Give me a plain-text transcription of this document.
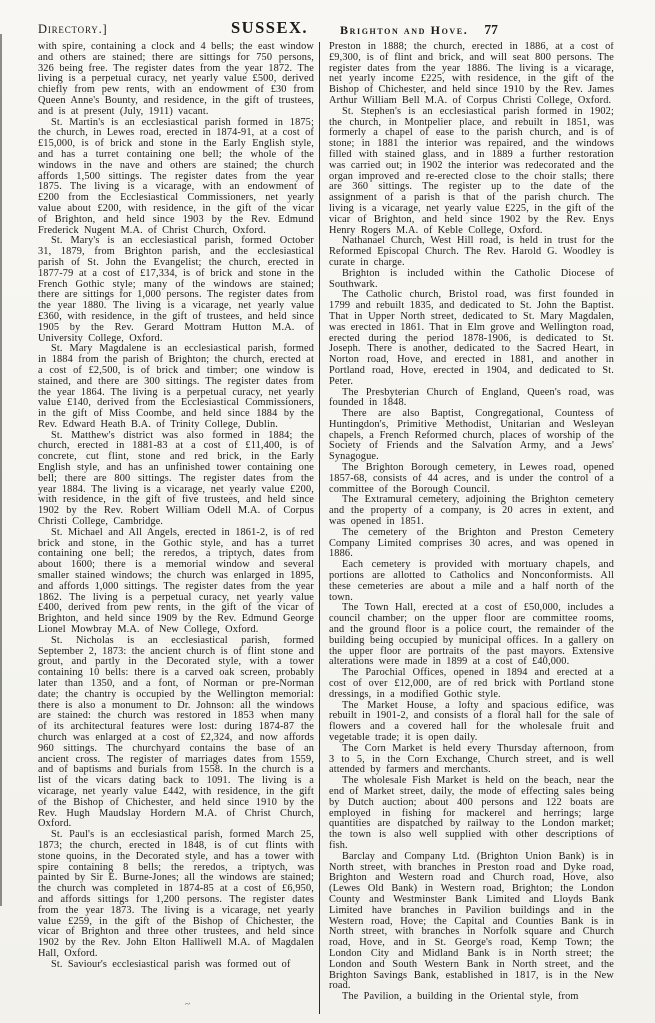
Directory.]	SUSSEX.	Brighton and Hove. 77

with spire, containing a clock and 4 bells; the east window and others are stained; there are sittings for 750 persons, 326 being free. The register dates from the year 1872. The living is a perpetual curacy, net yearly value £500, derived chiefly from pew rents, with an endowment of £30 from Queen Anne's Bounty, and residence, in the gift of trustees, and is at present (July, 1911) vacant.

St. Martin's is an ecclesiastical parish formed in 1875; the church, in Lewes road, erected in 1874-91, at a cost of £15,000, is of brick and stone in the Early English style, and has a turret containing one bell; the whole of the windows in the nave and others are stained; the church affords 1,500 sittings. The register dates from the year 1875. The living is a vicarage, with an endowment of £200 from the Ecclesiastical Commissioners, net yearly value about £200, with residence, in the gift of the vicar of Brighton, and held since 1903 by the Rev. Edmund Frederick Nugent M.A. of Christ Church, Oxford.

St. Mary's is an ecclesiastical parish, formed October 31, 1879, from Brighton parish, and the ecclesiastical parish of St. John the Evangelist; the church, erected in 1877-79 at a cost of £17,334, is of brick and stone in the French Gothic style; many of the windows are stained; there are sittings for 1,000 persons. The register dates from the year 1880. The living is a vicarage, net yearly value £360, with residence, in the gift of trustees, and held since 1905 by the Rev. Gerard Mottram Hutton M.A. of University College, Oxford.

St. Mary Magdalene is an ecclesiastical parish, formed in 1884 from the parish of Brighton; the church, erected at a cost of £2,500, is of brick and timber; one window is stained, and there are 300 sittings. The register dates from the year 1864. The living is a perpetual curacy, net yearly value £140, derived from the Ecclesiastical Commissioners, in the gift of Miss Coombe, and held since 1884 by the Rev. Edward Heath B.A. of Trinity College, Dublin.

St. Matthew's district was also formed in 1884; the church, erected in 1881-83 at a cost of £11,400, is of concrete, cut flint, stone and red brick, in the Early English style, and has an unfinished tower containing one bell; there are 800 sittings. The register dates from the year 1884. The living is a vicarage, net yearly value £200, with residence, in the gift of five trustees, and held since 1902 by the Rev. Robert William Odell M.A. of Corpus Christi College, Cambridge.

St. Michael and All Angels, erected in 1861-2, is of red brick and stone, in the Gothic style, and has a turret containing one bell; the reredos, a triptych, dates from about 1600; there is a memorial window and several smaller stained windows; the church was enlarged in 1895, and affords 1,000 sittings. The register dates from the year 1862. The living is a perpetual curacy, net yearly value £400, derived from pew rents, in the gift of the vicar of Brighton, and held since 1909 by the Rev. Edmund George Lionel Mowbray M.A. of New College, Oxford.

St. Nicholas is an ecclesiastical parish, formed September 2, 1873: the ancient church is of flint stone and grout, and partly in the Decorated style, with a tower containing 10 bells: there is a carved oak screen, probably later than 1350, and a font, of Norman or pre-Norman date; the chantry is occupied by the Wellington memorial: there is also a monument to Dr. Johnson: all the windows are stained: the church was restored in 1853 when many of its architectural features were lost: during 1874-87 the church was enlarged at a cost of £2,324, and now affords 960 sittings. The churchyard contains the base of an ancient cross. The register of marriages dates from 1559, and of baptisms and burials from 1558. In the church is a list of the vicars dating back to 1091. The living is a vicarage, net yearly value £442, with residence, in the gift of the Bishop of Chichester, and held since 1910 by the Rev. Hugh Maudslay Hordern M.A. of Christ Church, Oxford.

St. Paul's is an ecclesiastical parish, formed March 25, 1873; the church, erected in 1848, is of cut flints with stone quoins, in the Decorated style, and has a tower with spire containing 8 bells; the reredos, a triptych, was painted by Sir E. Burne-Jones; all the windows are stained; the church was completed in 1874-85 at a cost of £6,950, and affords sittings for 1,200 persons. The register dates from the year 1873. The living is a vicarage, net yearly value £259, in the gift of the Bishop of Chichester, the vicar of Brighton and three other trustees, and held since 1902 by the Rev. John Elton Halliwell M.A. of Magdalen Hall, Oxford.

St. Saviour's ecclesiastical parish was formed out of

Preston in 1888; the church, erected in 1886, at a cost of £9,300, is of flint and brick, and will seat 800 persons. The register dates from the year 1886. The living is a vicarage, net yearly income £225, with residence, in the gift of the Bishop of Chichester, and held since 1910 by the Rev. James Arthur William Bell M.A. of Corpus Christi College, Oxford.

St. Stephen's is an ecclesiastical parish formed in 1902; the church, in Montpelier place, and rebuilt in 1851, was formerly a chapel of ease to the parish church, and is of stone; in 1881 the interior was repaired, and the windows filled with stained glass, and in 1889 a further restoration was carried out; in 1902 the interior was redecorated and the organ improved and re-erected close to the choir stalls; there are 360 sittings. The register up to the date of the assignment of a parish is that of the parish church. The living is a vicarage, net yearly value £225, in the gift of the vicar of Brighton, and held since 1902 by the Rev. Enys Henry Rogers M.A. of Keble College, Oxford.

Nathanael Church, West Hill road, is held in trust for the Reformed Episcopal Church. The Rev. Harold G. Woodley is curate in charge.

Brighton is included within the Catholic Diocese of Southwark.

The Catholic church, Bristol road, was first founded in 1799 and rebuilt 1835, and dedicated to St. John the Baptist. That in Upper North street, dedicated to St. Mary Magdalen, was erected in 1861. That in Elm grove and Wellington road, erected during the period 1878-1906, is dedicated to St. Joseph. There is another, dedicated to the Sacred Heart, in Norton road, Hove, and erected in 1881, and another in Portland road, Hove, erected in 1904, and dedicated to St. Peter.

The Presbyterian Church of England, Queen's road, was founded in 1848.

There are also Baptist, Congregational, Countess of Huntingdon's, Primitive Methodist, Unitarian and Wesleyan chapels, a French Reformed church, places of worship of the Society of Friends and the Salvation Army, and a Jews' Synagogue.

The Brighton Borough cemetery, in Lewes road, opened 1857-68, consists of 44 acres, and is under the control of a committee of the Borough Council.

The Extramural cemetery, adjoining the Brighton cemetery and the property of a company, is 20 acres in extent, and was opened in 1851.

The cemetery of the Brighton and Preston Cemetery Company Limited comprises 30 acres, and was opened in 1886.

Each cemetery is provided with mortuary chapels, and portions are allotted to Catholics and Nonconformists. All these cemeteries are about a mile and a half north of the town.

The Town Hall, erected at a cost of £50,000, includes a council chamber; on the upper floor are committee rooms, and the ground floor is a police court, the remainder of the building being occupied by municipal offices. In a gallery on the upper floor are portraits of the past mayors. Extensive alterations were made in 1899 at a cost of £40,000.

The Parochial Offices, opened in 1894 and erected at a cost of over £12,000, are of red brick with Portland stone dressings, in a modified Gothic style.

The Market House, a lofty and spacious edifice, was rebuilt in 1901-2, and consists of a floral hall for the sale of flowers and a covered hall for the wholesale fruit and vegetable trade; it is open daily.

The Corn Market is held every Thursday afternoon, from 3 to 5, in the Corn Exchange, Church street, and is well attended by farmers and merchants.

The wholesale Fish Market is held on the beach, near the end of Market street, daily, the mode of effecting sales being by Dutch auction; about 400 persons and 122 boats are employed in fishing for mackerel and herrings; large quantities are dispatched by railway to the London market; the town is also well supplied with other descriptions of fish.

Barclay and Company Ltd. (Brighton Union Bank) is in North street, with branches in Preston road and Dyke road, Brighton and Western road and Church road, Hove, also (Lewes Old Bank) in Western road, Brighton; the London County and Westminster Bank Limited and Lloyds Bank Limited have branches in Pavilion buildings and in the Western road, Hove; the Capital and Counties Bank is in North street, with branches in Norfolk square and Church road, Hove, and in St. George's road, Kemp Town; the London City and Midland Bank is in North street; the London and South Western Bank in North street, and the Brighton Savings Bank, established in 1817, is in the New road.

The Pavilion, a building in the Oriental style, from

~
